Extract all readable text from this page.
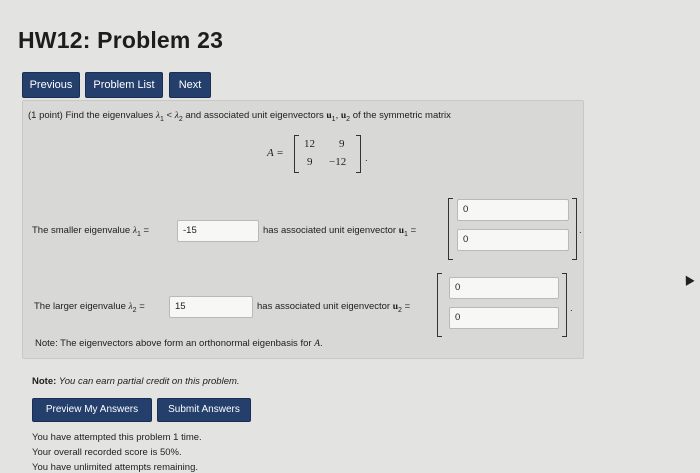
HW12: Problem 23
Previous	Problem List	Next
(1 point) Find the eigenvalues $\lambda_1 < \lambda_2$ and associated unit eigenvectors $u_1$, $u_2$ of the symmetric matrix
A =
12 9
9 −12 .
The smaller eigenvalue $\lambda_1$ =	-15	has associated unit eigenvector $u_1$ =
0
0
.
The larger eigenvalue $\lambda_2$ =	15	has associated unit eigenvector $u_2$ =
0
0
.
Note: The eigenvectors above form an orthonormal eigenbasis for A.
Note: You can earn partial credit on this problem.
Preview My Answers	Submit Answers
You have attempted this problem 1 time.
Your overall recorded score is 50%.
You have unlimited attempts remaining.
